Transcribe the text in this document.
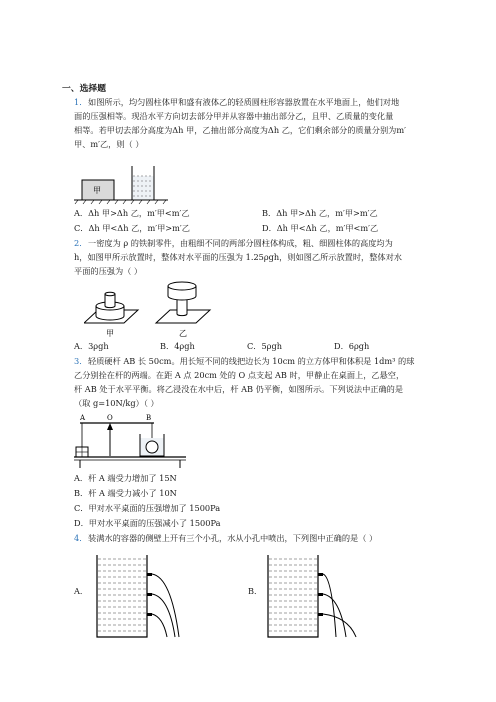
一、选择题
1． 如图所示，均匀圆柱体甲和盛有液体乙的轻质圆柱形容器放置在水平地面上，他们对地
面的压强相等。现沿水平方向切去部分甲并从容器中抽出部分乙，且甲、乙质量的变化量
相等。若甲切去部分高度为Δh 甲，乙抽出部分高度为Δh 乙，它们剩余部分的质量分别为m′
甲、m′乙，则（ ）
甲
A．Δh 甲>Δh 乙，m′甲<m′乙	B．Δh 甲>Δh 乙，m′甲>m′乙
C．Δh 甲<Δh 乙，m′甲>m′乙	D．Δh 甲<Δh 乙，m′甲<m′乙
2． 一密度为 ρ 的铁制零件，由粗细不同的两部分圆柱体构成，粗、细圆柱体的高度均为
h，如图甲所示放置时，整体对水平面的压强为 1.25ρgh，则如图乙所示放置时，整体对水
平面的压强为（ ）
甲	乙
A．3ρgh	B．4ρgh	C．5ρgh	D．6ρgh
3． 轻质硬杆 AB 长 50cm。用长短不同的线把边长为 10cm 的立方体甲和体积是 1dm³ 的球
乙分别拴在杆的两端。在距 A 点 20cm 处的 O 点支起 AB 时，甲静止在桌面上，乙悬空，
杆 AB 处于水平平衡。将乙浸没在水中后，杆 AB 仍平衡，如图所示。下列说法中正确的是
（取 g=10N/kg）（ ）
A	O	B
A．杆 A 端受力增加了 15N
B．杆 A 端受力减小了 10N
C．甲对水平桌面的压强增加了 1500Pa
D．甲对水平桌面的压强减小了 1500Pa
4． 装满水的容器的侧壁上开有三个小孔，水从小孔中喷出，下列图中正确的是（ ）
A．	B．
